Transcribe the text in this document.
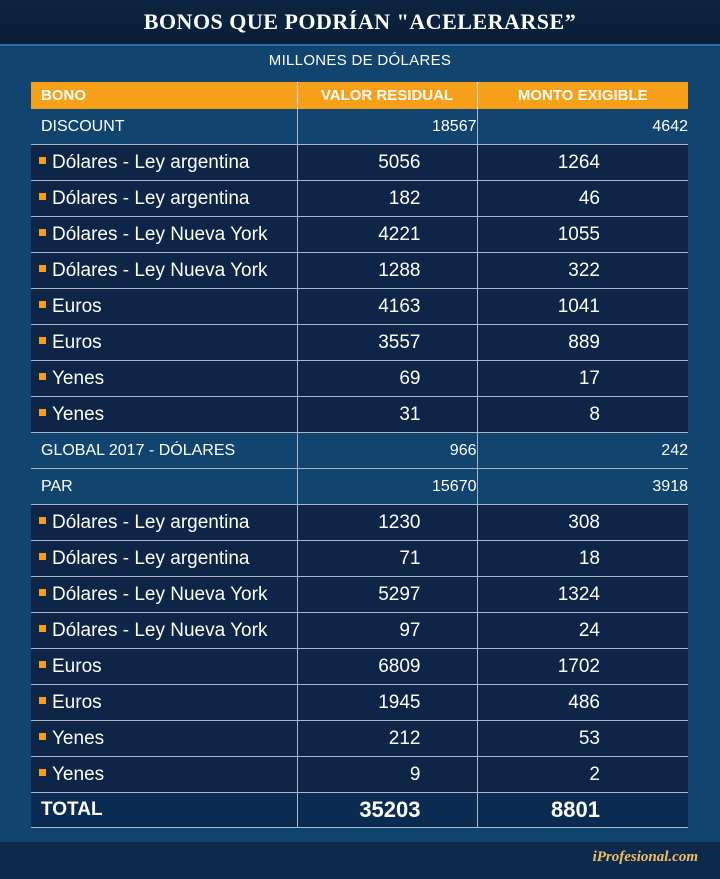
BONOS QUE PODRÍAN "ACELERARSE”
MILLONES DE DÓLARES
BONO	VALOR RESIDUAL	MONTO EXIGIBLE
DISCOUNT	18567	4642
Dólares - Ley argentina	5056	1264
Dólares - Ley argentina	182	46
Dólares - Ley Nueva York	4221	1055
Dólares - Ley Nueva York	1288	322
Euros	4163	1041
Euros	3557	889
Yenes	69	17
Yenes	31	8
GLOBAL 2017 - DÓLARES	966	242
PAR	15670	3918
Dólares - Ley argentina	1230	308
Dólares - Ley argentina	71	18
Dólares - Ley Nueva York	5297	1324
Dólares - Ley Nueva York	97	24
Euros	6809	1702
Euros	1945	486
Yenes	212	53
Yenes	9	2
TOTAL	35203	8801
iProfesional.com
